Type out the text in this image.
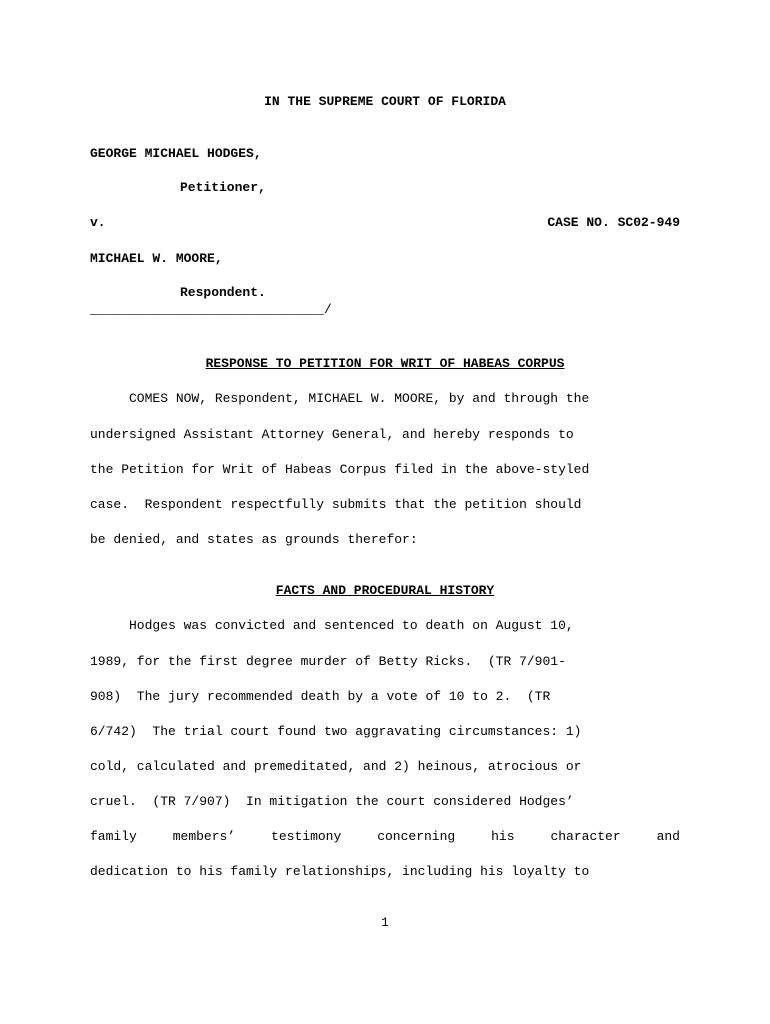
IN THE SUPREME COURT OF FLORIDA
GEORGE MICHAEL HODGES,
Petitioner,
v.	CASE NO. SC02-949
MICHAEL W. MOORE,
Respondent.
______________________________/
RESPONSE TO PETITION FOR WRIT OF HABEAS CORPUS
COMES NOW, Respondent, MICHAEL W. MOORE, by and through the
undersigned Assistant Attorney General, and hereby responds to
the Petition for Writ of Habeas Corpus filed in the above-styled
case.  Respondent respectfully submits that the petition should
be denied, and states as grounds therefor:
FACTS AND PROCEDURAL HISTORY
Hodges was convicted and sentenced to death on August 10,
1989, for the first degree murder of Betty Ricks.  (TR 7/901-
908)  The jury recommended death by a vote of 10 to 2.  (TR
6/742)  The trial court found two aggravating circumstances: 1)
cold, calculated and premeditated, and 2) heinous, atrocious or
cruel.  (TR 7/907)  In mitigation the court considered Hodges’
family members’ testimony concerning his character and
dedication to his family relationships, including his loyalty to
1
